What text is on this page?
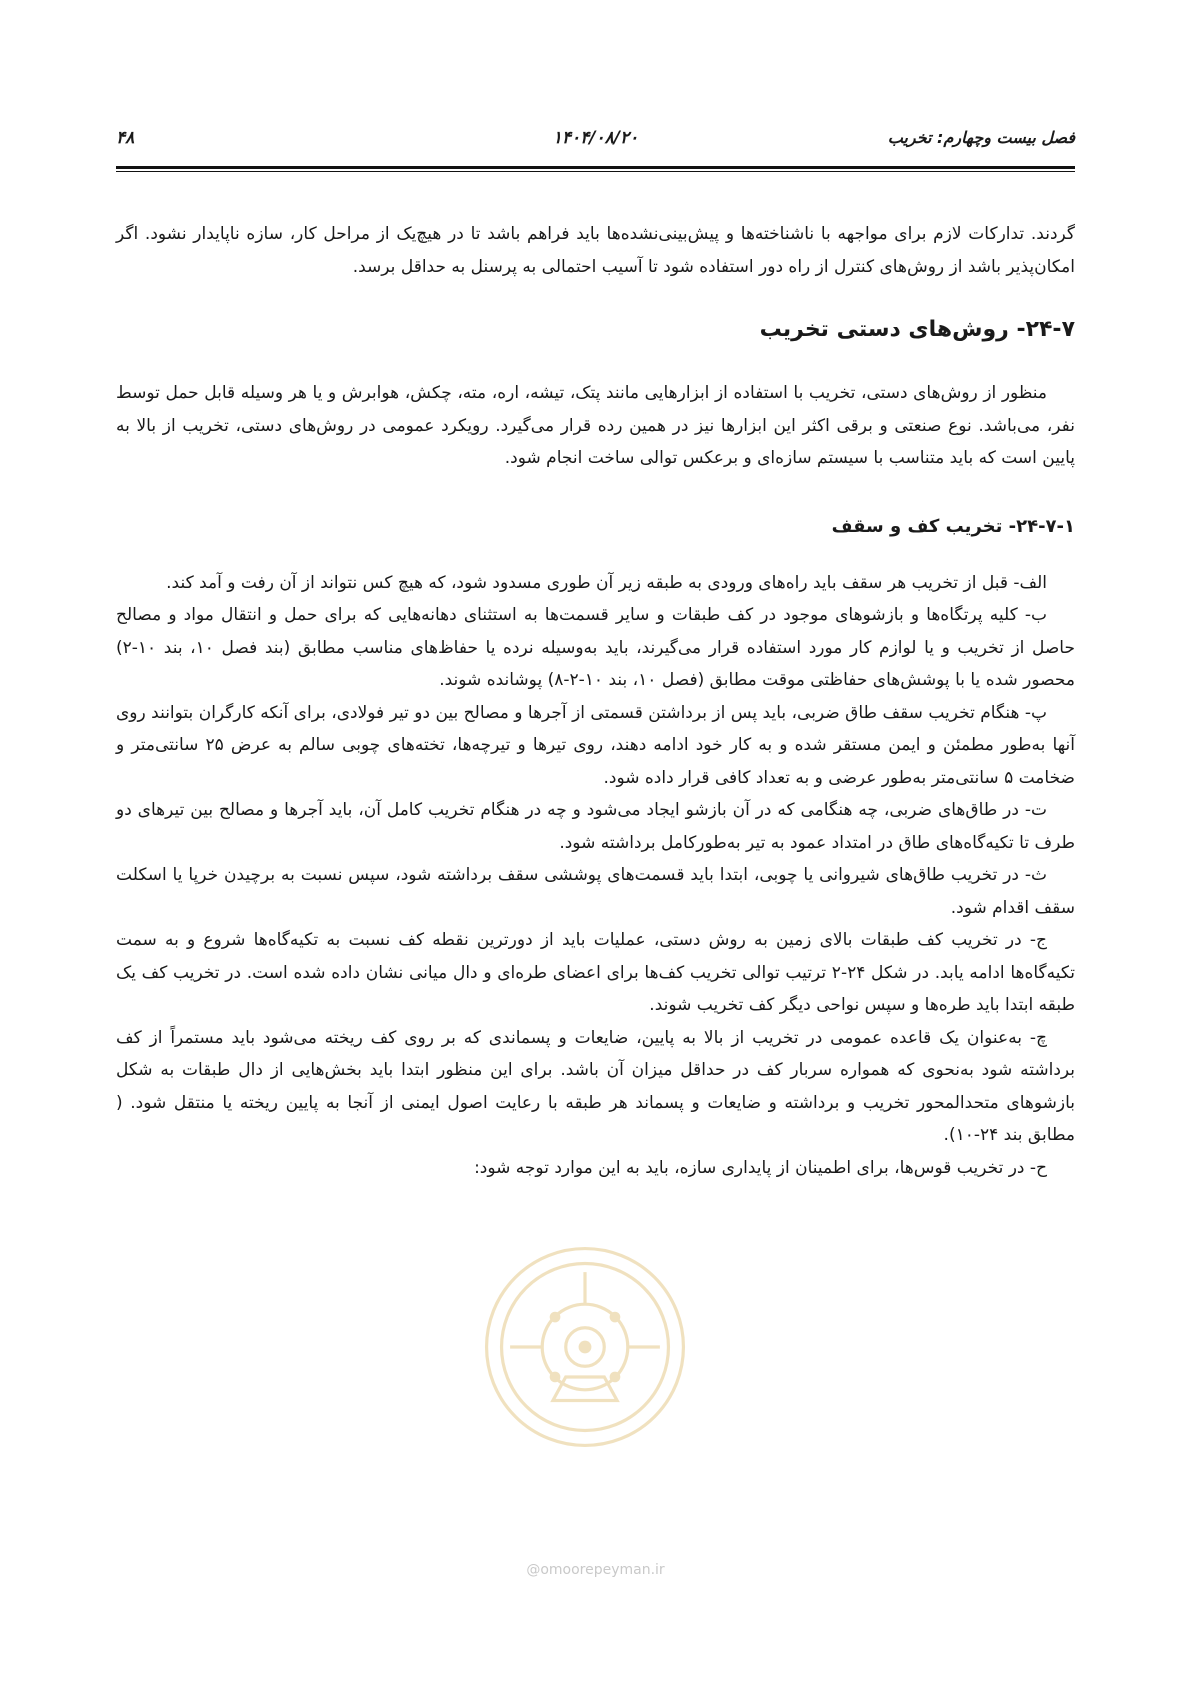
۴۸	۱۴۰۴/۰۸/۲۰	فصل بیست وچهارم: تخریب

گردند. تدارکات لازم برای مواجهه با ناشناخته‌ها و پیش‌بینی‌نشده‌ها باید فراهم باشد تا در هیچ‌یک از مراحل کار، سازه ناپایدار نشود. اگر امکان‌پذیر باشد از روش‌های کنترل از راه دور استفاده شود تا آسیب احتمالی به پرسنل به حداقل برسد.

۲۴-۷- روش‌های دستی تخریب

منظور از روش‌های دستی، تخریب با استفاده از ابزارهایی مانند پتک، تیشه، اره، مته، چکش، هوابرش و یا هر وسیله قابل حمل توسط نفر، می‌باشد. نوع صنعتی و برقی اکثر این ابزارها نیز در همین رده قرار می‌گیرد. رویکرد عمومی در روش‌های دستی، تخریب از بالا به پایین است که باید متناسب با سیستم سازه‌ای و برعکس توالی ساخت انجام شود.

۲۴-۷-۱- تخریب کف و سقف

الف- قبل از تخریب هر سقف باید راه‌های ورودی به طبقه زیر آن طوری مسدود شود، که هیچ کس نتواند از آن رفت و آمد کند.

ب- کلیه پرتگاه‌ها و بازشوهای موجود در کف طبقات و سایر قسمت‌ها به استثنای دهانه‌هایی که برای حمل و انتقال مواد و مصالح حاصل از تخریب و یا لوازم کار مورد استفاده قرار می‌گیرند، باید به‌وسیله نرده یا حفاظ‌های مناسب مطابق (بند فصل ۱۰، بند ۱۰-۲) محصور شده یا با پوشش‌های حفاظتی موقت مطابق (فصل ۱۰، بند ۱۰-۲-۸) پوشانده شوند.

پ- هنگام تخریب سقف طاق ضربی، باید پس از برداشتن قسمتی از آجرها و مصالح بین دو تیر فولادی، برای آنکه کارگران بتوانند روی آنها به‌طور مطمئن و ایمن مستقر شده و به کار خود ادامه دهند، روی تیرها و تیرچه‌ها، تخته‌های چوبی سالم به عرض ۲۵ سانتی‌متر و ضخامت ۵ سانتی‌متر به‌طور عرضی و به تعداد کافی قرار داده شود.

ت- در طاق‌های ضربی، چه هنگامی که در آن بازشو ایجاد می‌شود و چه در هنگام تخریب کامل آن، باید آجرها و مصالح بین تیرهای دو طرف تا تکیه‌گاه‌های طاق در امتداد عمود به تیر به‌طورکامل برداشته شود.

ث- در تخریب طاق‌های شیروانی یا چوبی، ابتدا باید قسمت‌های پوششی سقف برداشته شود، سپس نسبت به برچیدن خرپا یا اسکلت سقف اقدام شود.

ج- در تخریب کف طبقات بالای زمین به روش دستی، عملیات باید از دورترین نقطه کف نسبت به تکیه‌گاه‌ها شروع و به سمت تکیه‌گاه‌ها ادامه یابد. در شکل ۲۴-۲ ترتیب توالی تخریب کف‌ها برای اعضای طره‌ای و دال میانی نشان داده شده است. در تخریب کف یک طبقه ابتدا باید طره‌ها و سپس نواحی دیگر کف تخریب شوند.

چ- به‌عنوان یک قاعده عمومی در تخریب از بالا به پایین، ضایعات و پسماندی که بر روی کف ریخته می‌شود باید مستمراً از کف برداشته شود به‌نحوی که همواره سربار کف در حداقل میزان آن باشد. برای این منظور ابتدا باید بخش‌هایی از دال طبقات به شکل بازشوهای متحدالمحور تخریب و برداشته و ضایعات و پسماند هر طبقه با رعایت اصول ایمنی از آنجا به پایین ریخته یا منتقل شود. ( مطابق بند ۲۴-۱۰).

ح- در تخریب قوس‌ها، برای اطمینان از پایداری سازه، باید به این موارد توجه شود:

@omoorepeyman.ir
